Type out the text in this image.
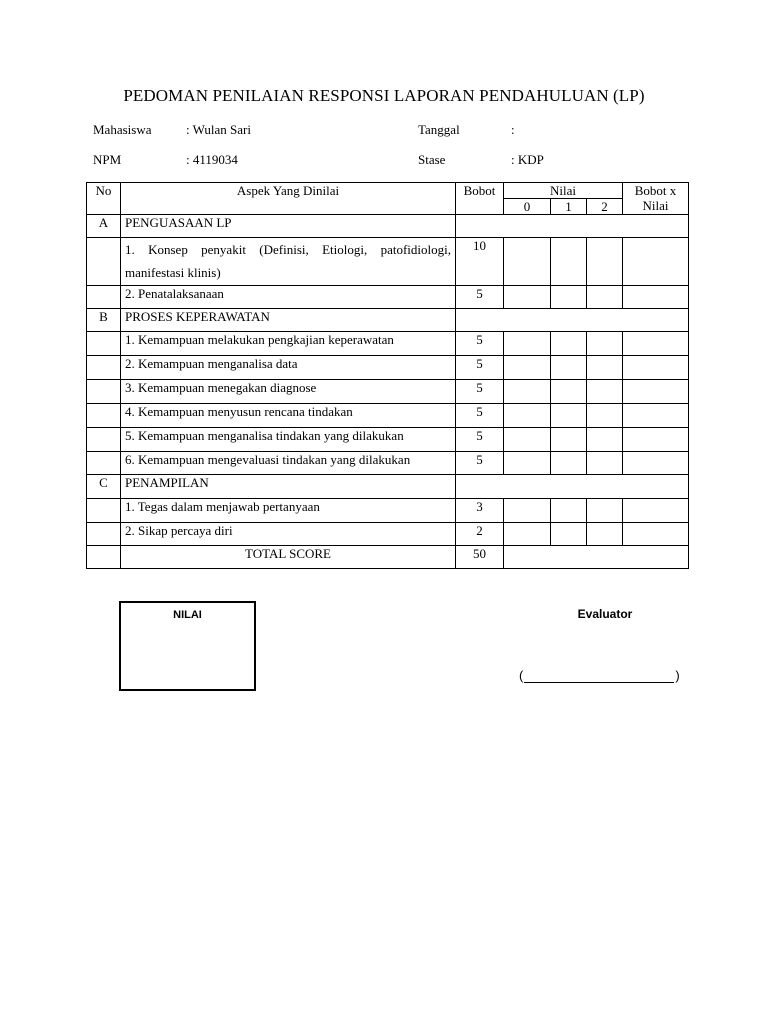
PEDOMAN PENILAIAN RESPONSI LAPORAN PENDAHULUAN (LP)
Mahasiswa	: Wulan Sari	Tanggal	:
NPM	: 4119034	Stase	: KDP
No	Aspek Yang Dinilai	Bobot	Nilai			Bobot x
Nilai
			0	1	2	
A	PENGUASAAN LP					
	1. Konsep penyakit (Definisi, Etiologi, patofidiologi, manifestasi klinis)	10				
	2. Penatalaksanaan	5				
B	PROSES KEPERAWATAN					
	1. Kemampuan melakukan pengkajian keperawatan	5				
	2. Kemampuan menganalisa data	5				
	3. Kemampuan menegakan diagnose	5				
	4. Kemampuan menyusun rencana tindakan	5				
	5. Kemampuan menganalisa tindakan yang dilakukan	5				
	6. Kemampuan mengevaluasi tindakan yang dilakukan	5				
C	PENAMPILAN					
	1. Tegas dalam menjawab pertanyaan	3				
	2. Sikap percaya diri	2				
	TOTAL SCORE	50				
NILAI	Evaluator
(	)
